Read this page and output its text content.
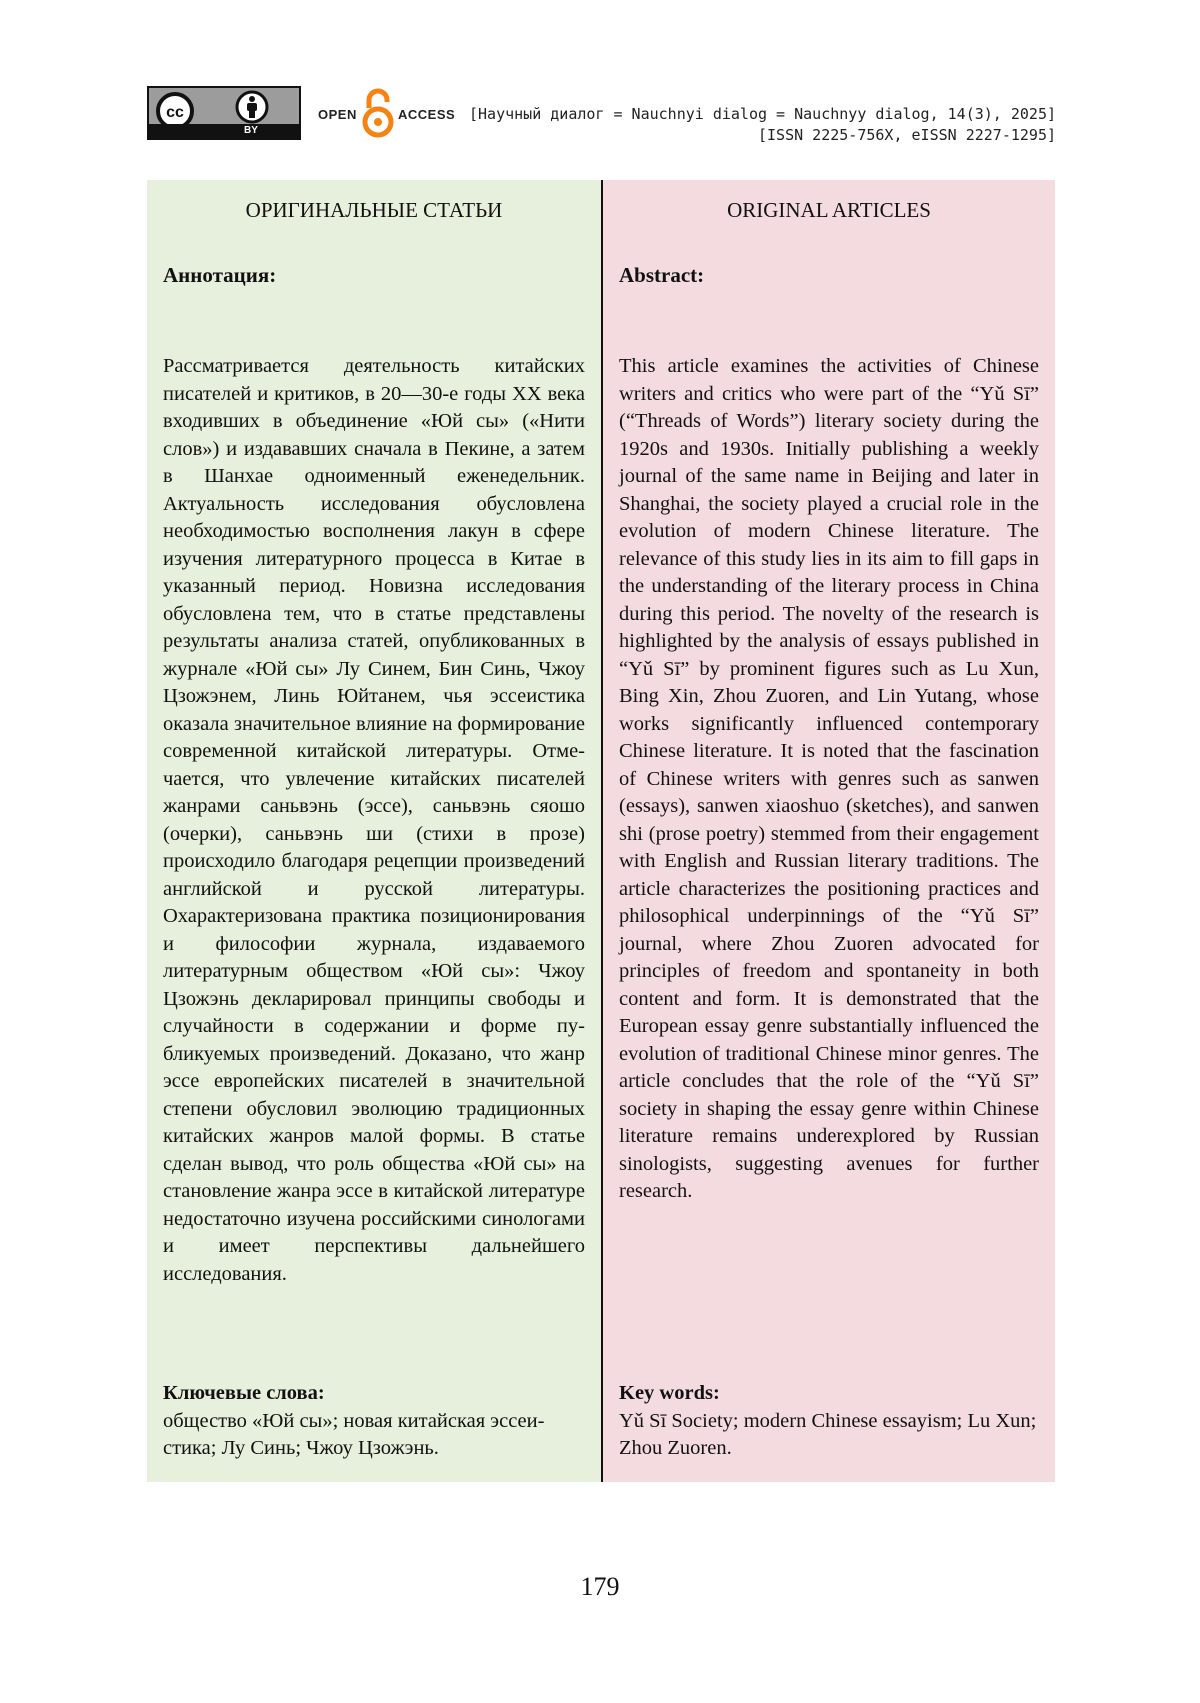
cc
BY
OPEN	ACCESS [Научный диалог = Nauchnyi dialog = Nauchnyy dialog, 14(3), 2025]
[ISSN 2225-756X, eISSN 2227-1295]
ОРИГИНАЛЬНЫЕ СТАТЬИ
Аннотация:
Рассматривается деятельность китайских писателей и критиков, в 20—30-е годы XX века входивших в объединение «Юй сы» («Нити слов») и издававших сначала в Пекине, а затем в Шанхае одноименный еженедельник. Актуальность исследования обусловлена необходимостью восполнения лакун в сфере изучения литературного процесса в Китае в указанный период. Новизна исследования обусловлена тем, что в статье представлены результаты анализа статей, опубликованных в журнале «Юй сы» Лу Синем, Бин Синь, Чжоу Цзожэнем, Линь Юйтанем, чья эссеистика оказала значительное влияние на формирование современной китайской литературы. Отмечается, что увлечение китайских писателей жанрами саньвэнь (эссе), саньвэнь сяошо (очерки), саньвэнь ши (стихи в прозе) происходило благодаря рецепции произведений английской и русской литературы. Охарактеризована практика позиционирования и философии журнала, издаваемого литературным обществом «Юй сы»: Чжоу Цзожэнь декларировал принципы свободы и случайности в содержании и форме публикуемых произведений. Доказано, что жанр эссе европейских писателей в значительной степени обусловил эволюцию традиционных китайских жанров малой формы. В статье сделан вывод, что роль общества «Юй сы» на становление жанра эссе в китайской литературе недостаточно изучена российскими синологами и имеет перспективы дальнейшего исследования.
Ключевые слова:
общество «Юй сы»; новая китайская эссеистика; Лу Синь; Чжоу Цзожэнь.
ORIGINAL ARTICLES
Abstract:
This article examines the activities of Chinese writers and critics who were part of the “Yǔ Sī” (“Threads of Words”) literary society during the 1920s and 1930s. Initially publishing a weekly journal of the same name in Beijing and later in Shanghai, the society played a crucial role in the evolution of modern Chinese literature. The relevance of this study lies in its aim to fill gaps in the understanding of the literary process in China during this period. The novelty of the research is highlighted by the analysis of essays published in “Yǔ Sī” by prominent figures such as Lu Xun, Bing Xin, Zhou Zuoren, and Lin Yutang, whose works significantly influenced contemporary Chinese literature. It is noted that the fascination of Chinese writers with genres such as sanwen (essays), sanwen xiaoshuo (sketches), and sanwen shi (prose poetry) stemmed from their engagement with English and Russian literary traditions. The article characterizes the positioning practices and philosophical underpinnings of the “Yǔ Sī” journal, where Zhou Zuoren advocated for principles of freedom and spontaneity in both content and form. It is demonstrated that the European essay genre substantially influenced the evolution of traditional Chinese minor genres. The article concludes that the role of the “Yǔ Sī” society in shaping the essay genre within Chinese literature remains underexplored by Russian sinologists, suggesting avenues for further research.
Key words:
Yǔ Sī Society; modern Chinese essayism; Lu Xun; Zhou Zuoren.
179
